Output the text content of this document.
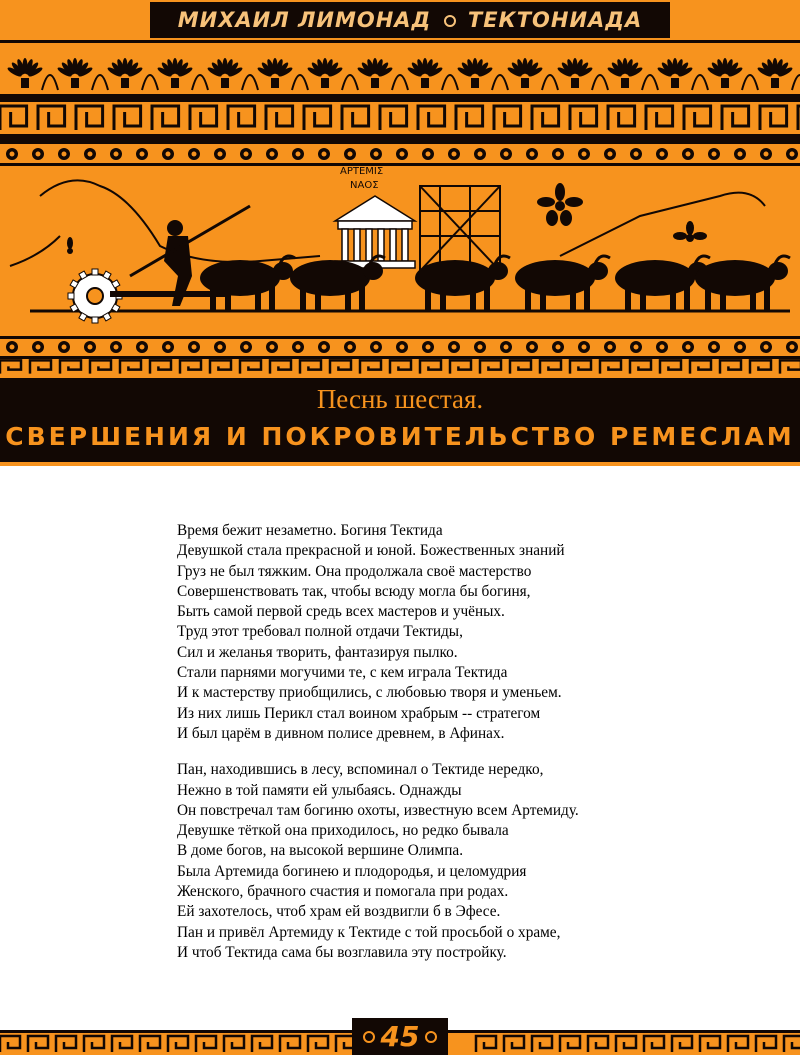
МИХАИЛ ЛИМОНАД ТЕКТОНИАДА
ΑΡΤΕΜΙΣ
ΝΑΟΣ
Песнь шестая.
СВЕРШЕНИЯ И ПОКРОВИТЕЛЬСТВО РЕМЕСЛАМ
Время бежит незаметно. Богиня Тектида
Девушкой стала прекрасной и юной. Божественных знаний
Груз не был тяжким. Она продолжала своё мастерство
Совершенствовать так, чтобы всюду могла бы богиня,
Быть самой первой средь всех мастеров и учёных.
Труд этот требовал полной отдачи Тектиды,
Сил и желанья творить, фантазируя пылко.
Стали парнями могучими те, с кем играла Тектида
И к мастерству приобщились, с любовью творя и уменьем.
Из них лишь Перикл стал воином храбрым -- стратегом
И был царём в дивном полисе древнем, в Афинах.
Пан, находившись в лесу, вспоминал о Тектиде нередко,
Нежно в той памяти ей улыбаясь. Однажды
Он повстречал там богиню охоты, известную всем Артемиду.
Девушке тёткой она приходилось, но редко бывала
В доме богов, на высокой вершине Олимпа.
Была Артемида богинею и плодородья, и целомудрия
Женского, брачного счастия и помогала при родах.
Ей захотелось, чтоб храм ей воздвигли б в Эфесе.
Пан и привёл Артемиду к Тектиде с той просьбой о храме,
И чтоб Тектида сама бы возглавила эту постройку.
45
